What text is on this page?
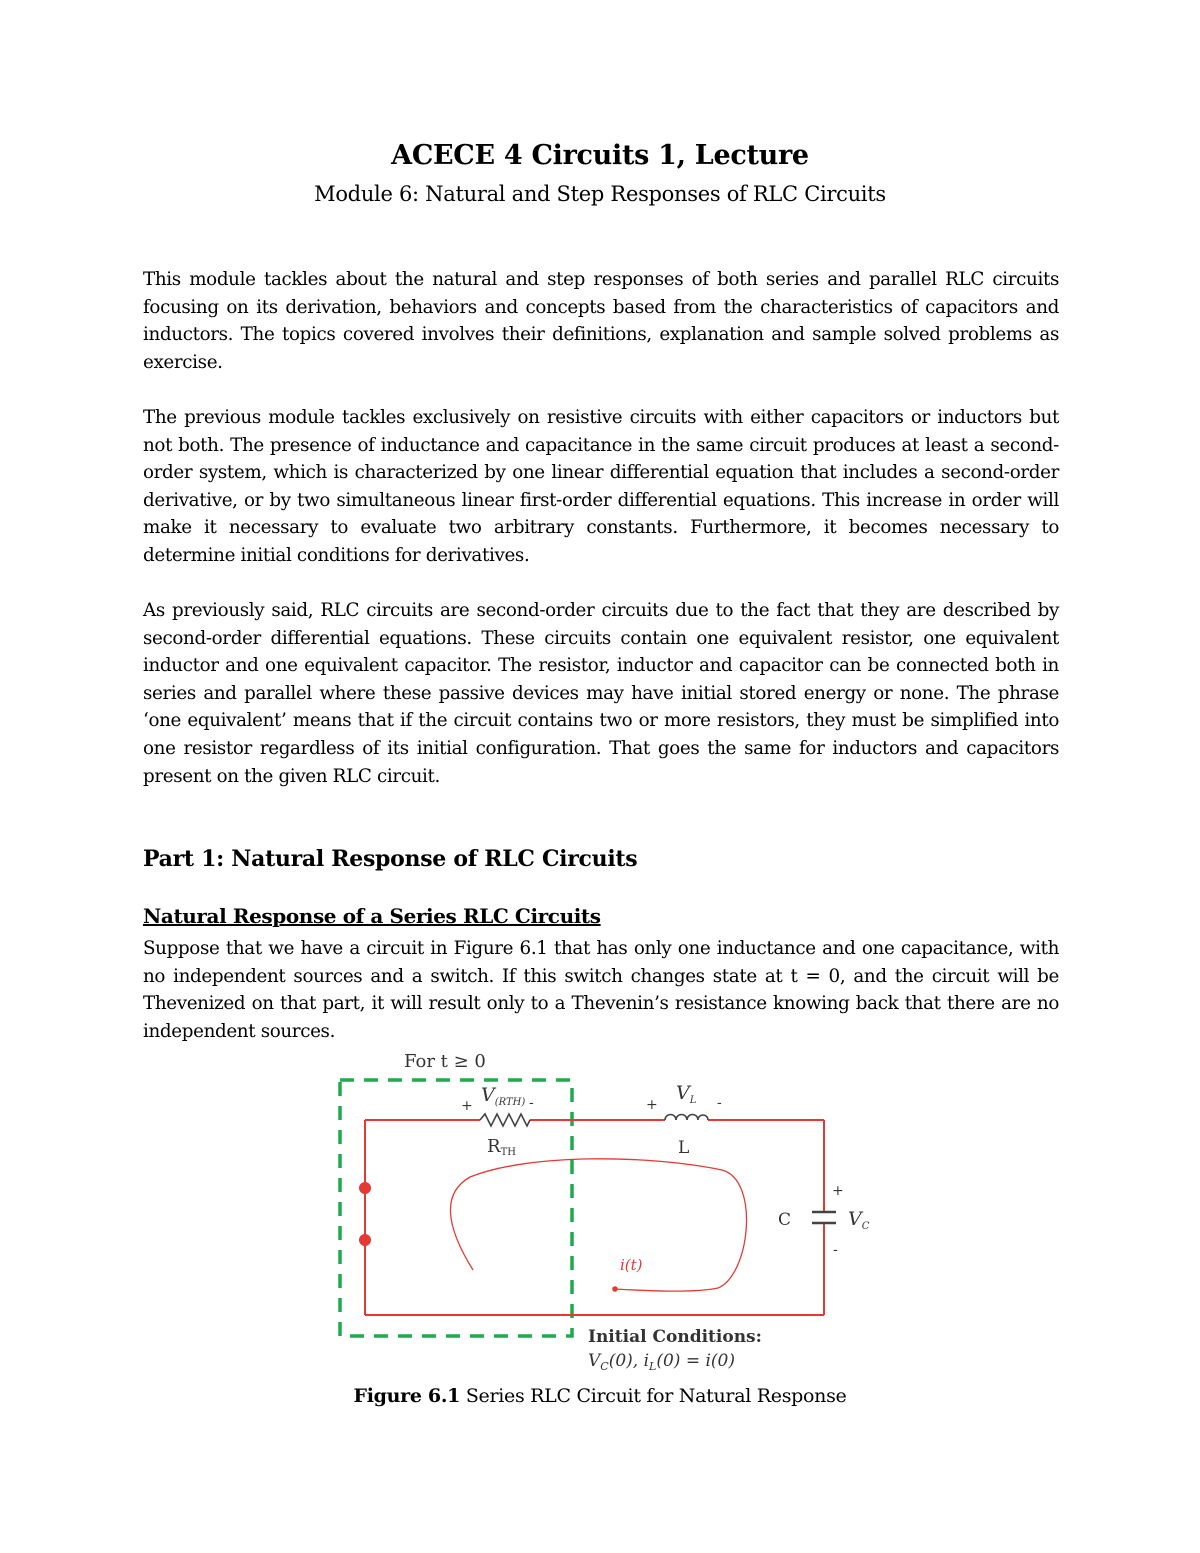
ACECE 4 Circuits 1, Lecture
Module 6: Natural and Step Responses of RLC Circuits

This module tackles about the natural and step responses of both series and parallel RLC circuits focusing on its derivation, behaviors and concepts based from the characteristics of capacitors and inductors. The topics covered involves their definitions, explanation and sample solved problems as exercise.

The previous module tackles exclusively on resistive circuits with either capacitors or inductors but not both. The presence of inductance and capacitance in the same circuit produces at least a second-order system, which is characterized by one linear differential equation that includes a second-order derivative, or by two simultaneous linear first-order differential equations. This increase in order will make it necessary to evaluate two arbitrary constants. Furthermore, it becomes necessary to determine initial conditions for derivatives.

As previously said, RLC circuits are second-order circuits due to the fact that they are described by second-order differential equations. These circuits contain one equivalent resistor, one equivalent inductor and one equivalent capacitor. The resistor, inductor and capacitor can be connected both in series and parallel where these passive devices may have initial stored energy or none. The phrase ‘one equivalent’ means that if the circuit contains two or more resistors, they must be simplified into one resistor regardless of its initial configuration. That goes the same for inductors and capacitors present on the given RLC circuit.

Part 1: Natural Response of RLC Circuits
Natural Response of a Series RLC Circuits

Suppose that we have a circuit in Figure 6.1 that has only one inductance and one capacitance, with no independent sources and a switch. If this switch changes state at t = 0, and the circuit will be Thevenized on that part, it will result only to a Thevenin’s resistance knowing back that there are no independent sources.

For t ≥ 0
+ $V_{(RTH)}$ -
RTH
+
$V_L$ -
L
+
C	$V_C$
-
i(t)
Initial Conditions:
$V_C(0)$, $i_L(0) = i(0)$
Figure 6.1 Series RLC Circuit for Natural Response
